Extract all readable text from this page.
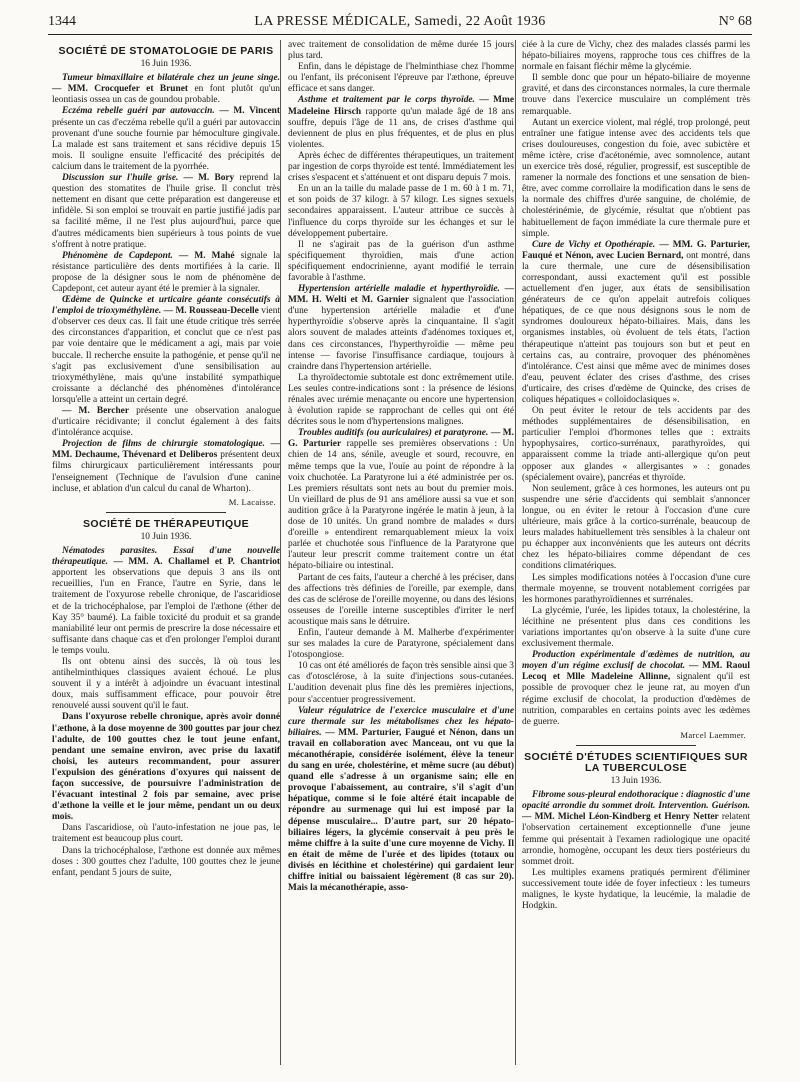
1344	LA PRESSE MÉDICALE, Samedi, 22 Août 1936	N° 68
SOCIÉTÉ DE STOMATOLOGIE DE PARIS
16 Juin 1936.

Tumeur bimaxillaire et bilatérale chez un jeune singe. — MM. Crocquefer et Brunet en font plutôt qu'un leontiasis ossea un cas de goundou probable.

Eczéma rebelle guéri par autovaccin. — M. Vincent présente un cas d'eczéma rebelle qu'il a guéri par autovaccin provenant d'une souche fournie par hémoculture gingivale. La malade est sans traitement et sans récidive depuis 15 mois. Il souligne ensuite l'efficacité des précipités de calcium dans le traitement de la pyorrhée.

Discussion sur l'huile grise. — M. Bory reprend la question des stomatites de l'huile grise. Il conclut très nettement en disant que cette préparation est dangereuse et infidèle. Si son emploi se trouvait en partie justifié jadis par sa facilité même, il ne l'est plus aujourd'hui, parce que d'autres médicaments bien supérieurs à tous points de vue s'offrent à notre pratique.

Phénomène de Capdepont. — M. Mahé signale la résistance particulière des dents mortifiées à la carie. Il propose de la désigner sous le nom de phénomène de Capdepont, cet auteur ayant été le premier à la signaler.

Œdème de Quincke et urticaire géante consécutifs à l'emploi de trioxyméthylène. — M. Rousseau-Decelle vient d'observer ces deux cas. Il fait une étude critique très serrée des circonstances d'apparition, et conclut que ce n'est pas par voie dentaire que le médicament a agi, mais par voie buccale. Il recherche ensuite la pathogénie, et pense qu'il ne s'agit pas exclusivement d'une sensibilisation au trioxyméthylène, mais qu'une instabilité sympathique croissante a déclanché des phénomènes d'intolérance lorsqu'elle a atteint un certain degré.

— M. Bercher présente une observation analogue d'urticaire récidivante; il conclut également à des faits d'intolérance acquise.

Projection de films de chirurgie stomatologique. — MM. Dechaume, Thévenard et Deliberos présentent deux films chirurgicaux particulièrement intéressants pour l'enseignement (Technique de l'avulsion d'une canine incluse, et ablation d'un calcul du canal de Wharton).

M. Lacaisse.
SOCIÉTÉ DE THÉRAPEUTIQUE
10 Juin 1936.

Nématodes parasites. Essai d'une nouvelle thérapeutique. — MM. A. Challamel et P. Chantriot apportent les observations que depuis 3 ans ils ont recueillies, l'un en France, l'autre en Syrie, dans le traitement de l'oxyurose rebelle chronique, de l'ascaridiose et de la trichocéphalose, par l'emploi de l'æthone (éther de Kay 35° baumé). La faible toxicité du produit et sa grande maniabilité leur ont permis de prescrire la dose nécessaire et suffisante dans chaque cas et d'en prolonger l'emploi durant le temps voulu.

Ils ont obtenu ainsi des succès, là où tous les antihelminthiques classiques avaient échoué. Le plus souvent il y a intérêt à adjoindre un évacuant intestinal doux, mais suffisamment efficace, pour pouvoir être renouvelé aussi souvent qu'il le faut.

Dans l'oxyurose rebelle chronique, après avoir donné l'æthone, à la dose moyenne de 300 gouttes par jour chez l'adulte, de 100 gouttes chez le tout jeune enfant, pendant une semaine environ, avec prise du laxatif choisi, les auteurs recommandent, pour assurer l'expulsion des générations d'oxyures qui naissent de façon successive, de poursuivre l'administration de l'évacuant intestinal 2 fois par semaine, avec prise d'æthone la veille et le jour même, pendant un ou deux mois.

Dans l'ascaridiose, où l'auto-infestation ne joue pas, le traitement est beaucoup plus court.

Dans la trichocéphalose, l'æthone est donnée aux mêmes doses : 300 gouttes chez l'adulte, 100 gouttes chez le jeune enfant, pendant 5 jours de suite,

avec traitement de consolidation de même durée 15 jours plus tard.

Enfin, dans le dépistage de l'helminthiase chez l'homme ou l'enfant, ils préconisent l'épreuve par l'æthone, épreuve efficace et sans danger.

Asthme et traitement par le corps thyroïde. — Mme Madeleine Hirsch rapporte qu'un malade âgé de 18 ans souffre, depuis l'âge de 11 ans, de crises d'asthme qui deviennent de plus en plus fréquentes, et de plus en plus violentes.

Après échec de différentes thérapeutiques, un traitement par ingestion de corps thyroïde est tenté. Immédiatement les crises s'espacent et s'atténuent et ont disparu depuis 7 mois.

En un an la taille du malade passe de 1 m. 60 à 1 m. 71, et son poids de 37 kilogr. à 57 kilogr. Les signes sexuels secondaires apparaissent. L'auteur attribue ce succès à l'influence du corps thyroïde sur les échanges et sur le développement pubertaire.

Il ne s'agirait pas de la guérison d'un asthme spécifiquement thyroïdien, mais d'une action spécifiquement endocrinienne, ayant modifié le terrain favorable à l'asthme.

Hypertension artérielle maladie et hyperthyroïdie. — MM. H. Welti et M. Garnier signalent que l'association d'une hypertension artérielle maladie et d'une hyperthyroïdie s'observe après la cinquantaine. Il s'agit alors souvent de malades atteints d'adénomes toxiques et, dans ces circonstances, l'hyperthyroïdie — même peu intense — favorise l'insuffisance cardiaque, toujours à craindre dans l'hypertension artérielle.

La thyroïdectomie subtotale est donc extrêmement utile. Les seules contre-indications sont : la présence de lésions rénales avec urémie menaçante ou encore une hypertension à évolution rapide se rapprochant de celles qui ont été décrites sous le nom d'hypertensions malignes.

Troubles auditifs (ou auriculaires) et paratyrone. — M. G. Parturier rappelle ses premières observations : Un chien de 14 ans, sénile, aveugle et sourd, recouvre, en même temps que la vue, l'ouïe au point de répondre à la voix chuchotée. La Paratyrone lui a été administrée per os. Les premiers résultats sont nets au bout du premier mois. Un vieillard de plus de 91 ans améliore aussi sa vue et son audition grâce à la Paratyrone ingérée le matin à jeun, à la dose de 10 unités. Un grand nombre de malades « durs d'oreille » entendirent remarquablement mieux la voix parlée et chuchotée sous l'influence de la Paratyrone que l'auteur leur prescrit comme traitement contre un état hépato-biliaire ou intestinal.

Partant de ces faits, l'auteur a cherché à les préciser, dans des affections très définies de l'oreille, par exemple, dans des cas de sclérose de l'oreille moyenne, ou dans des lésions osseuses de l'oreille interne susceptibles d'irriter le nerf acoustique mais sans le détruire.

Enfin, l'auteur demande à M. Malherbe d'expérimenter sur ses malades la cure de Paratyrone, spécialement dans l'otospongiose.

10 cas ont été améliorés de façon très sensible ainsi que 3 cas d'otosclérose, à la suite d'injections sous-cutanées. L'audition devenait plus fine dès les premières injections, pour s'accentuer progressivement.

Valeur régulatrice de l'exercice musculaire et d'une cure thermale sur les métabolismes chez les hépato-biliaires. — MM. Parturier, Faugué et Nénon, dans un travail en collaboration avec Manceau, ont vu que la mécanothérapie, considérée isolément, élève la teneur du sang en urée, cholestérine, et même sucre (au début) quand elle s'adresse à un organisme sain; elle en provoque l'abaissement, au contraire, s'il s'agit d'un hépatique, comme si le foie altéré était incapable de répondre au surmenage qui lui est imposé par la dépense musculaire... D'autre part, sur 20 hépato-biliaires légers, la glycémie conservait à peu près le même chiffre à la suite d'une cure moyenne de Vichy. Il en était de même de l'urée et des lipides (totaux ou divisés en lécithine et cholestérine) qui gardaient leur chiffre initial ou baissaient légèrement (8 cas sur 20). Mais la mécanothérapie, asso-

ciée à la cure de Vichy, chez des malades classés parmi les hépato-biliaires moyens, rapproche tous ces chiffres de la normale en faisant fléchir même la glycémie.

Il semble donc que pour un hépato-biliaire de moyenne gravité, et dans des circonstances normales, la cure thermale trouve dans l'exercice musculaire un complément très remarquable.

Autant un exercice violent, mal réglé, trop prolongé, peut entraîner une fatigue intense avec des accidents tels que crises douloureuses, congestion du foie, avec subictère et même ictère, crise d'acétonémie, avec somnolence, autant un exercice très dosé, régulier, progressif, est susceptible de ramener la normale des fonctions et une sensation de bien-être, avec comme corrollaire la modification dans le sens de la normale des chiffres d'urée sanguine, de cholémie, de cholestérinémie, de glycémie, résultat que n'obtient pas habituellement de façon immédiate la cure thermale pure et simple.

Cure de Vichy et Opothérapie. — MM. G. Parturier, Fauqué et Nénon, avec Lucien Bernard, ont montré, dans la cure thermale, une cure de désensibilisation correspondant, aussi exactement qu'il est possible actuellement d'en juger, aux états de sensibilisation générateurs de ce qu'on appelait autrefois coliques hépatiques, de ce que nous désignons sous le nom de syndromes douloureux hépato-biliaires. Mais, dans les organismes instables, où évoluent de tels états, l'action thérapeutique n'atteint pas toujours son but et peut en certains cas, au contraire, provoquer des phénomènes d'intolérance. C'est ainsi que même avec de minimes doses d'eau, peuvent éclater des crises d'asthme, des crises d'urticaire, des crises d'œdème de Quincke, des crises de coliques hépatiques « colloïdoclasiques ».

On peut éviter le retour de tels accidents par des méthodes supplémentaires de désensibilisation, en particulier l'emploi d'hormones telles que : extraits hypophysaires, cortico-surrénaux, parathyroïdes, qui apparaissent comme la triade anti-allergique qu'on peut opposer aux glandes « allergisantes » : gonades (spécialement ovaire), pancréas et thyroïde.

Non seulement, grâce à ces hormones, les auteurs ont pu suspendre une série d'accidents qui semblait s'annoncer longue, ou en éviter le retour à l'occasion d'une cure ultérieure, mais grâce à la cortico-surrénale, beaucoup de leurs malades habituellement très sensibles à la chaleur ont pu échapper aux inconvénients que les auteurs ont décrits chez les hépato-biliaires comme dépendant de ces conditions climatériques.

Les simples modifications notées à l'occasion d'une cure thermale moyenne, se trouvent notablement corrigées par les hormones parathyroïdiennes et surrénales.

La glycémie, l'urée, les lipides totaux, la cholestérine, la lécithine ne présentent plus dans ces conditions les variations importantes qu'on observe à la suite d'une cure exclusivement thermale.

Production expérimentale d'œdèmes de nutrition, au moyen d'un régime exclusif de chocolat. — MM. Raoul Lecoq et Mlle Madeleine Allinne, signalent qu'il est possible de provoquer chez le jeune rat, au moyen d'un régime exclusif de chocolat, la production d'œdèmes de nutrition, comparables en certains points avec les œdèmes de guerre.

Marcel Laemmer.
SOCIÉTÉ D'ÉTUDES SCIENTIFIQUES SUR LA TUBERCULOSE
13 Juin 1936.

Fibrome sous-pleural endothoracique : diagnostic d'une opacité arrondie du sommet droit. Intervention. Guérison. — MM. Michel Léon-Kindberg et Henry Netter relatent l'observation certainement exceptionnelle d'une jeune femme qui présentait à l'examen radiologique une opacité arrondie, homogène, occupant les deux tiers postérieurs du sommet droit.

Les multiples examens pratiqués permirent d'éliminer successivement toute idée de foyer infectieux : les tumeurs malignes, le kyste hydatique, la leucémie, la maladie de Hodgkin.
